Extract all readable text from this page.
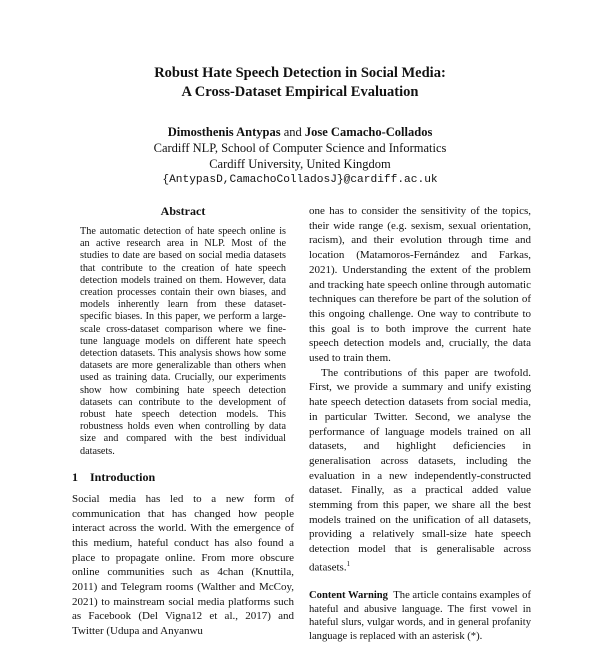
Robust Hate Speech Detection in Social Media:

A Cross-Dataset Empirical Evaluation

Dimosthenis Antypas and Jose Camacho-Collados
Cardiff NLP, School of Computer Science and Informatics
Cardiff University, United Kingdom
{AntypasD,CamachoColladosJ}@cardiff.ac.uk

Abstract

The automatic detection of hate speech online is an active research area in NLP. Most of the studies to date are based on social media datasets that contribute to the creation of hate speech detection models trained on them. However, data creation processes contain their own biases, and models inherently learn from these dataset-specific biases. In this paper, we perform a large-scale cross-dataset comparison where we fine-tune language models on different hate speech detection datasets. This analysis shows how some datasets are more generalizable than others when used as training data. Crucially, our experiments show how combining hate speech detection datasets can contribute to the development of robust hate speech detection models. This robustness holds even when controlling by data size and compared with the best individual datasets.

1 Introduction

Social media has led to a new form of communication that has changed how people interact across the world. With the emergence of this medium, hateful conduct has also found a place to propagate online. From more obscure online communities such as 4chan (Knuttila, 2011) and Telegram rooms (Walther and McCoy, 2021) to mainstream social media platforms such as Facebook (Del Vigna12 et al., 2017) and Twitter (Udupa and Anyanwu

one has to consider the sensitivity of the topics, their wide range (e.g. sexism, sexual orientation, racism), and their evolution through time and location (Matamoros-Fernández and Farkas, 2021). Understanding the extent of the problem and tracking hate speech online through automatic techniques can therefore be part of the solution of this ongoing challenge. One way to contribute to this goal is to both improve the current hate speech detection models and, crucially, the data used to train them.

The contributions of this paper are twofold. First, we provide a summary and unify existing hate speech detection datasets from social media, in particular Twitter. Second, we analyse the performance of language models trained on all datasets, and highlight deficiencies in generalisation across datasets, including the evaluation in a new independently-constructed dataset. Finally, as a practical added value stemming from this paper, we share all the best models trained on the unification of all datasets, providing a relatively small-size hate speech detection model that is generalisable across datasets.$^1$

Content Warning The article contains examples of hateful and abusive language. The first vowel in hateful slurs, vulgar words, and in general profanity language is replaced with an asterisk (*).
